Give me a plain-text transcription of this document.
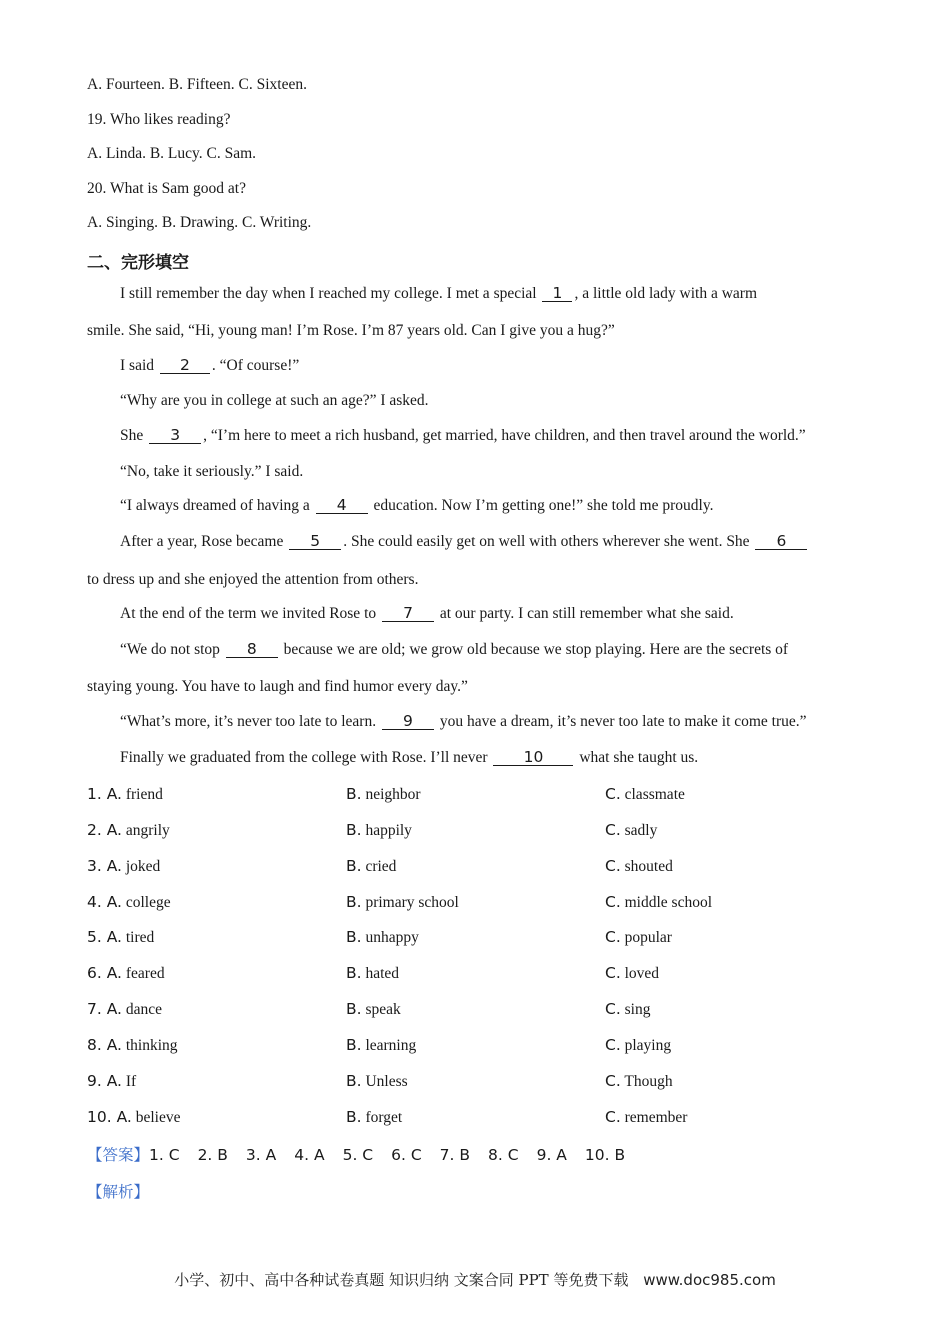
A. Fourteen. B. Fifteen. C. Sixteen.
19. Who likes reading?
A. Linda. B. Lucy. C. Sam.
20. What is Sam good at?
A. Singing. B. Drawing. C. Writing.
二、完形填空
I still remember the day when I reached my college. I met a special 1 , a little old lady with a warm
smile. She said, “Hi, young man! I’m Rose. I’m 87 years old. Can I give you a hug?”
I said 2 . “Of course!”
“Why are you in college at such an age?” I asked.
She 3 , “I’m here to meet a rich husband, get married, have children, and then travel around the world.”
“No, take it seriously.” I said.
“I always dreamed of having a 4 education. Now I’m getting one!” she told me proudly.
After a year, Rose became 5 . She could easily get on well with others wherever she went. She 6
to dress up and she enjoyed the attention from others.
At the end of the term we invited Rose to 7 at our party. I can still remember what she said.
“We do not stop 8 because we are old; we grow old because we stop playing. Here are the secrets of
staying young. You have to laugh and find humor every day.”
“What’s more, it’s never too late to learn. 9 you have a dream, it’s never too late to make it come true.”
Finally we graduated from the college with Rose. I’ll never 10 what she taught us.
1. A. friend	B. neighbor	C. classmate
2. A. angrily	B. happily	C. sadly
3. A. joked	B. cried	C. shouted
4. A. college	B. primary school	C. middle school
5. A. tired	B. unhappy	C. popular
6. A. feared	B. hated	C. loved
7. A. dance	B. speak	C. sing
8. A. thinking	B. learning	C. playing
9. A. If	B. Unless	C. Though
10. A. believe	B. forget	C. remember
【答案】1. C 2. B 3. A 4. A 5. C 6. C 7. B 8. C 9. A 10. B
【解析】
小学、初中、高中各种试卷真题 知识归纳 文案合同 PPT 等免费下载 www.doc985.com
